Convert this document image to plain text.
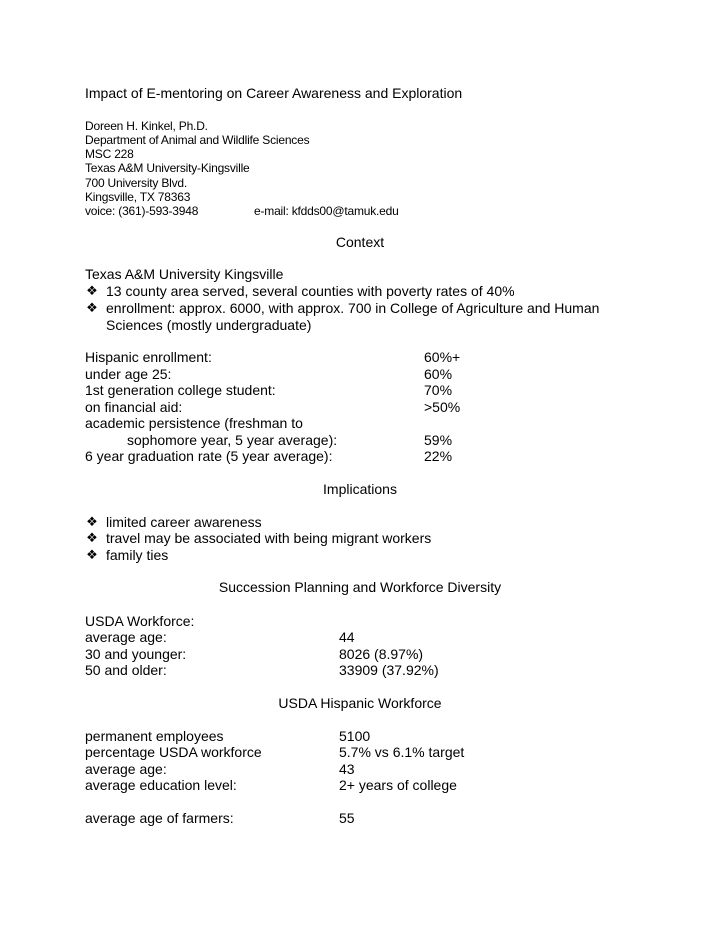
Impact of E-mentoring on Career Awareness and Exploration
Doreen H. Kinkel, Ph.D.
Department of Animal and Wildlife Sciences
MSC 228
Texas A&M University-Kingsville
700 University Blvd.
Kingsville, TX 78363
voice: (361)-593-3948	e-mail: kfdds00@tamuk.edu
Context
Texas A&M University Kingsville
❖ 13 county area served, several counties with poverty rates of 40%
❖ enrollment: approx. 6000, with approx. 700 in College of Agriculture and Human
Sciences (mostly undergraduate)
Hispanic enrollment:	60%+
under age 25:	60%
1st generation college student:	70%
on financial aid:	>50%
academic persistence (freshman to
sophomore year, 5 year average):	59%
6 year graduation rate (5 year average):	22%
Implications
❖ limited career awareness
❖ travel may be associated with being migrant workers
❖ family ties
Succession Planning and Workforce Diversity
USDA Workforce:
average age:	44
30 and younger:	8026 (8.97%)
50 and older:	33909 (37.92%)
USDA Hispanic Workforce
permanent employees	5100
percentage USDA workforce	5.7% vs 6.1% target
average age:	43
average education level:	2+ years of college
average age of farmers:	55
